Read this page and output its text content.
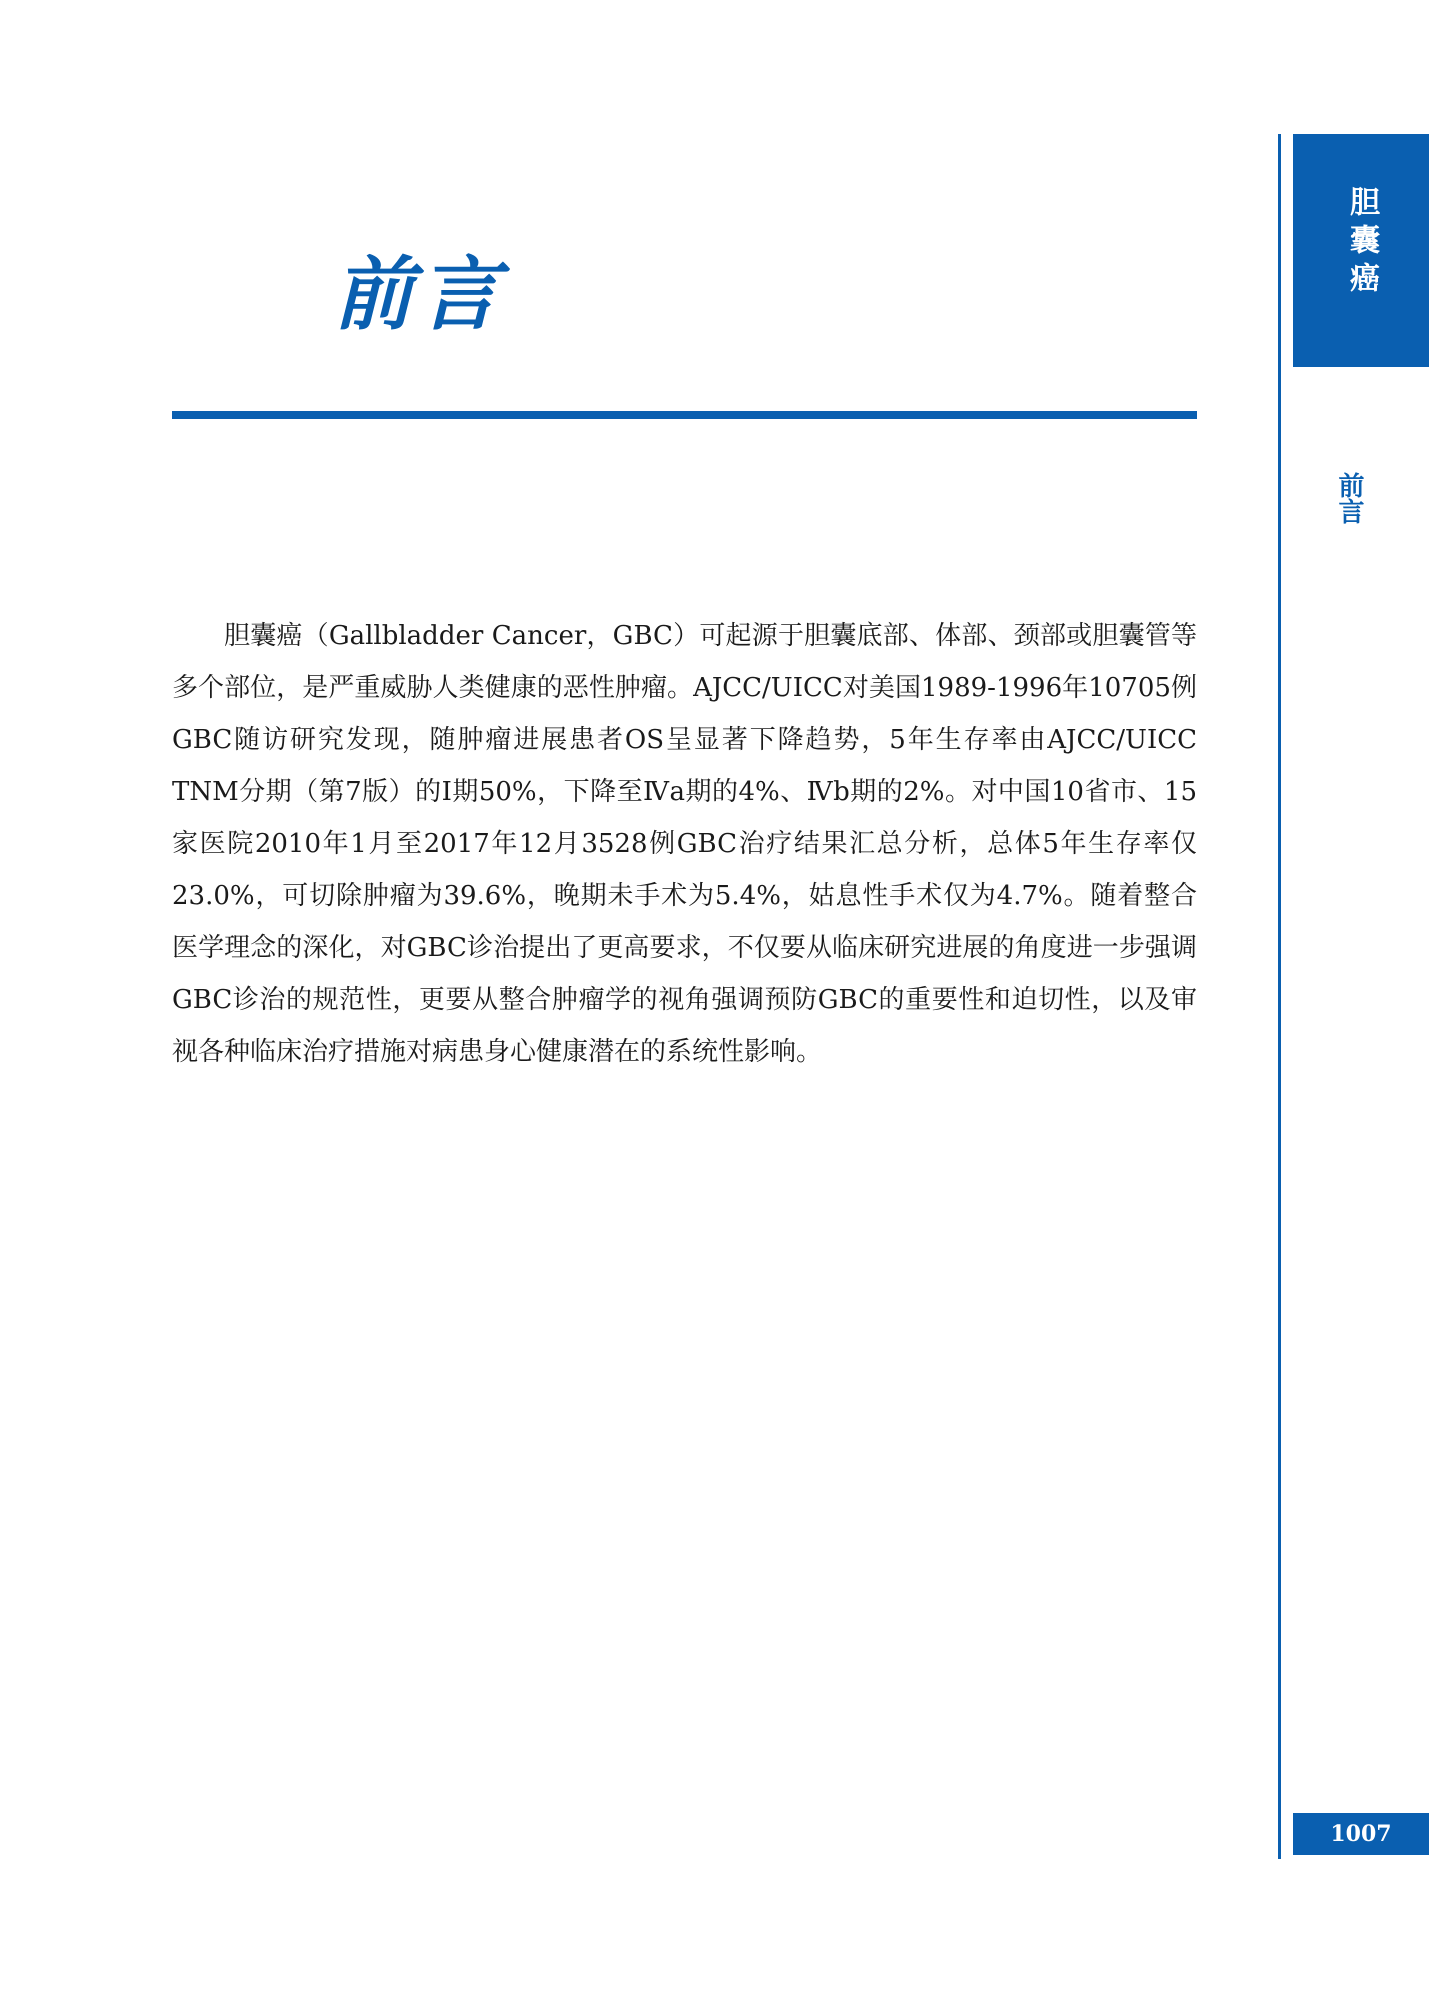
前言

胆囊癌（Gallbladder Cancer，GBC）可起源于胆囊底部、体部、颈部或胆囊管等多个部位，是严重威胁人类健康的恶性肿瘤。AJCC/UICC对美国1989-1996年10705例GBC随访研究发现，随肿瘤进展患者OS呈显著下降趋势，5年生存率由AJCC/UICC TNM分期（第7版）的Ⅰ期50%，下降至Ⅳa期的4%、Ⅳb期的2%。对中国10省市、15家医院2010年1月至2017年12月3528例GBC治疗结果汇总分析，总体5年生存率仅23.0%，可切除肿瘤为39.6%，晚期未手术为5.4%，姑息性手术仅为4.7%。随着整合医学理念的深化，对GBC诊治提出了更高要求，不仅要从临床研究进展的角度进一步强调GBC诊治的规范性，更要从整合肿瘤学的视角强调预防GBC的重要性和迫切性，以及审视各种临床治疗措施对病患身心健康潜在的系统性影响。

胆囊癌
前言
1007
